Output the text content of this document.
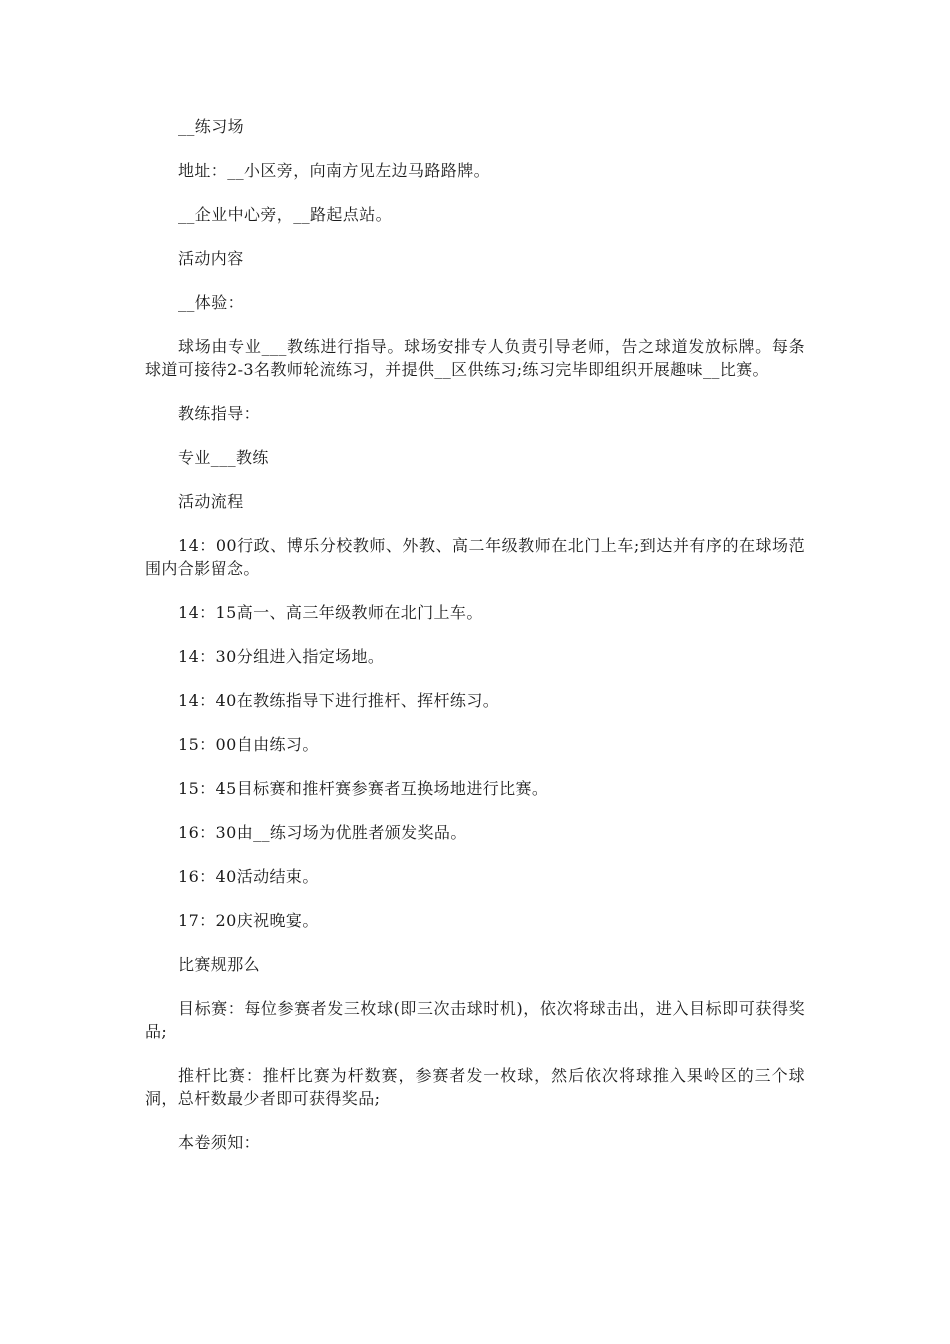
__练习场

地址：__小区旁，向南方见左边马路路牌。

__企业中心旁，__路起点站。

活动内容

__体验：

球场由专业___教练进行指导。球场安排专人负责引导老师，告之球道发放标牌。每条球道可接待2-3名教师轮流练习，并提供__区供练习;练习完毕即组织开展趣味__比赛。

教练指导：

专业___教练

活动流程

14：00行政、博乐分校教师、外教、高二年级教师在北门上车;到达并有序的在球场范围内合影留念。

14：15高一、高三年级教师在北门上车。

14：30分组进入指定场地。

14：40在教练指导下进行推杆、挥杆练习。

15：00自由练习。

15：45目标赛和推杆赛参赛者互换场地进行比赛。

16：30由__练习场为优胜者颁发奖品。

16：40活动结束。

17：20庆祝晚宴。

比赛规那么

目标赛：每位参赛者发三枚球(即三次击球时机)，依次将球击出，进入目标即可获得奖品;

推杆比赛：推杆比赛为杆数赛，参赛者发一枚球，然后依次将球推入果岭区的三个球洞，总杆数最少者即可获得奖品;

本卷须知：
